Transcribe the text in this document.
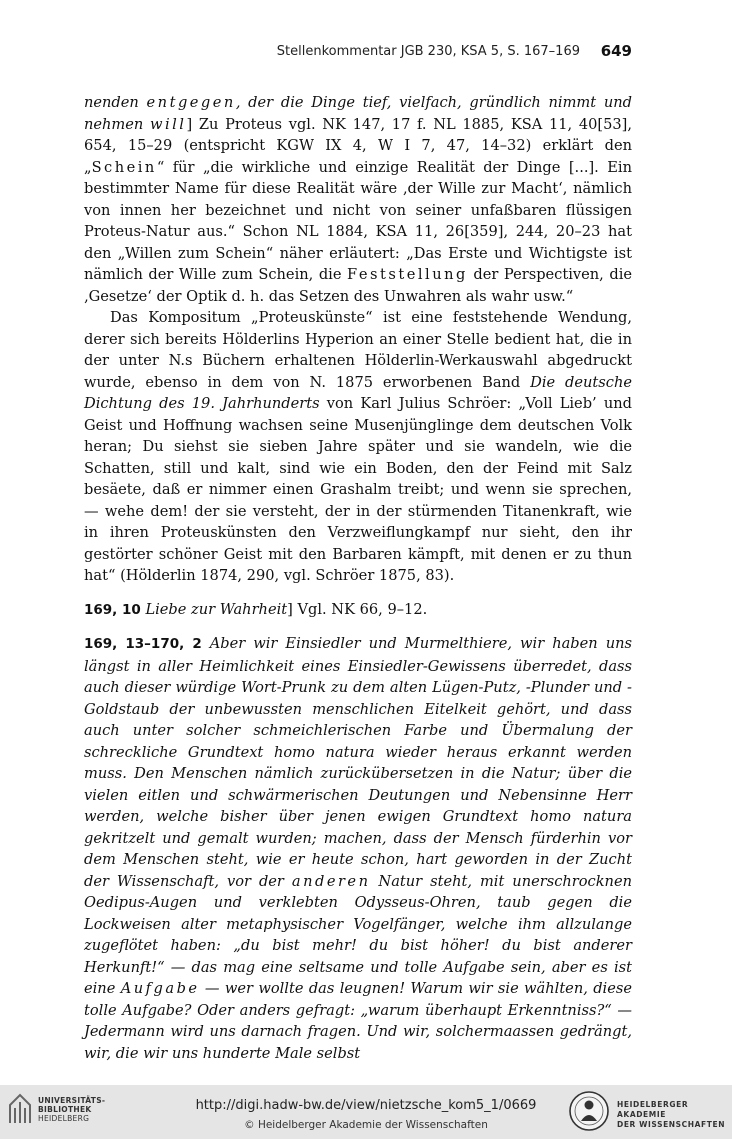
Stellenkommentar JGB 230, KSA 5, S. 167–169 649

nenden entgegen, der die Dinge tief, vielfach, gründlich nimmt und nehmen will] Zu Proteus vgl. NK 147, 17 f. NL 1885, KSA 11, 40[53], 654, 15–29 (entspricht KGW IX 4, W I 7, 47, 14–32) erklärt den „Schein“ für „die wirkliche und einzige Realität der Dinge [...]. Ein bestimmter Name für diese Realität wäre ‚der Wille zur Macht‘, nämlich von innen her bezeichnet und nicht von seiner unfaßbaren flüssigen Proteus-Natur aus.“ Schon NL 1884, KSA 11, 26[359], 244, 20–23 hat den „Willen zum Schein“ näher erläutert: „Das Erste und Wichtigste ist nämlich der Wille zum Schein, die Feststellung der Perspectiven, die ‚Gesetze‘ der Optik d. h. das Setzen des Unwahren als wahr usw.“

Das Kompositum „Proteuskünste“ ist eine feststehende Wendung, derer sich bereits Hölderlins Hyperion an einer Stelle bedient hat, die in der unter N.s Büchern erhaltenen Hölderlin-Werkauswahl abgedruckt wurde, ebenso in dem von N. 1875 erworbenen Band Die deutsche Dichtung des 19. Jahrhunderts von Karl Julius Schröer: „Voll Lieb’ und Geist und Hoffnung wachsen seine Musenjünglinge dem deutschen Volk heran; Du siehst sie sieben Jahre später und sie wandeln, wie die Schatten, still und kalt, sind wie ein Boden, den der Feind mit Salz besäete, daß er nimmer einen Grashalm treibt; und wenn sie sprechen, — wehe dem! der sie versteht, der in der stürmenden Titanenkraft, wie in ihren Proteuskünsten den Verzweiflungkampf nur sieht, den ihr gestörter schöner Geist mit den Barbaren kämpft, mit denen er zu thun hat“ (Hölderlin 1874, 290, vgl. Schröer 1875, 83).

169, 10 Liebe zur Wahrheit] Vgl. NK 66, 9–12.

169, 13–170, 2 Aber wir Einsiedler und Murmelthiere, wir haben uns längst in aller Heimlichkeit eines Einsiedler-Gewissens überredet, dass auch dieser würdige Wort-Prunk zu dem alten Lügen-Putz, -Plunder und -Goldstaub der unbewussten menschlichen Eitelkeit gehört, und dass auch unter solcher schmeichlerischen Farbe und Übermalung der schreckliche Grundtext homo natura wieder heraus erkannt werden muss. Den Menschen nämlich zurückübersetzen in die Natur; über die vielen eitlen und schwärmerischen Deutungen und Nebensinne Herr werden, welche bisher über jenen ewigen Grundtext homo natura gekritzelt und gemalt wurden; machen, dass der Mensch fürderhin vor dem Menschen steht, wie er heute schon, hart geworden in der Zucht der Wissenschaft, vor der anderen Natur steht, mit unerschrocknen Oedipus-Augen und verklebten Odysseus-Ohren, taub gegen die Lockweisen alter metaphysischer Vogelfänger, welche ihm allzulange zugeflötet haben: „du bist mehr! du bist höher! du bist anderer Herkunft!“ — das mag eine seltsame und tolle Aufgabe sein, aber es ist eine Aufgabe — wer wollte das leugnen! Warum wir sie wählten, diese tolle Aufgabe? Oder anders gefragt: „warum überhaupt Erkenntniss?“ — Jedermann wird uns darnach fragen. Und wir, solchermaassen gedrängt, wir, die wir uns hunderte Male selbst

UNIVERSITÄTS-
BIBLIOTHEK
HEIDELBERG
http://digi.hadw-bw.de/view/nietzsche_kom5_1/0669
© Heidelberger Akademie der Wissenschaften
HEIDELBERGER AKADEMIE
DER WISSENSCHAFTEN
